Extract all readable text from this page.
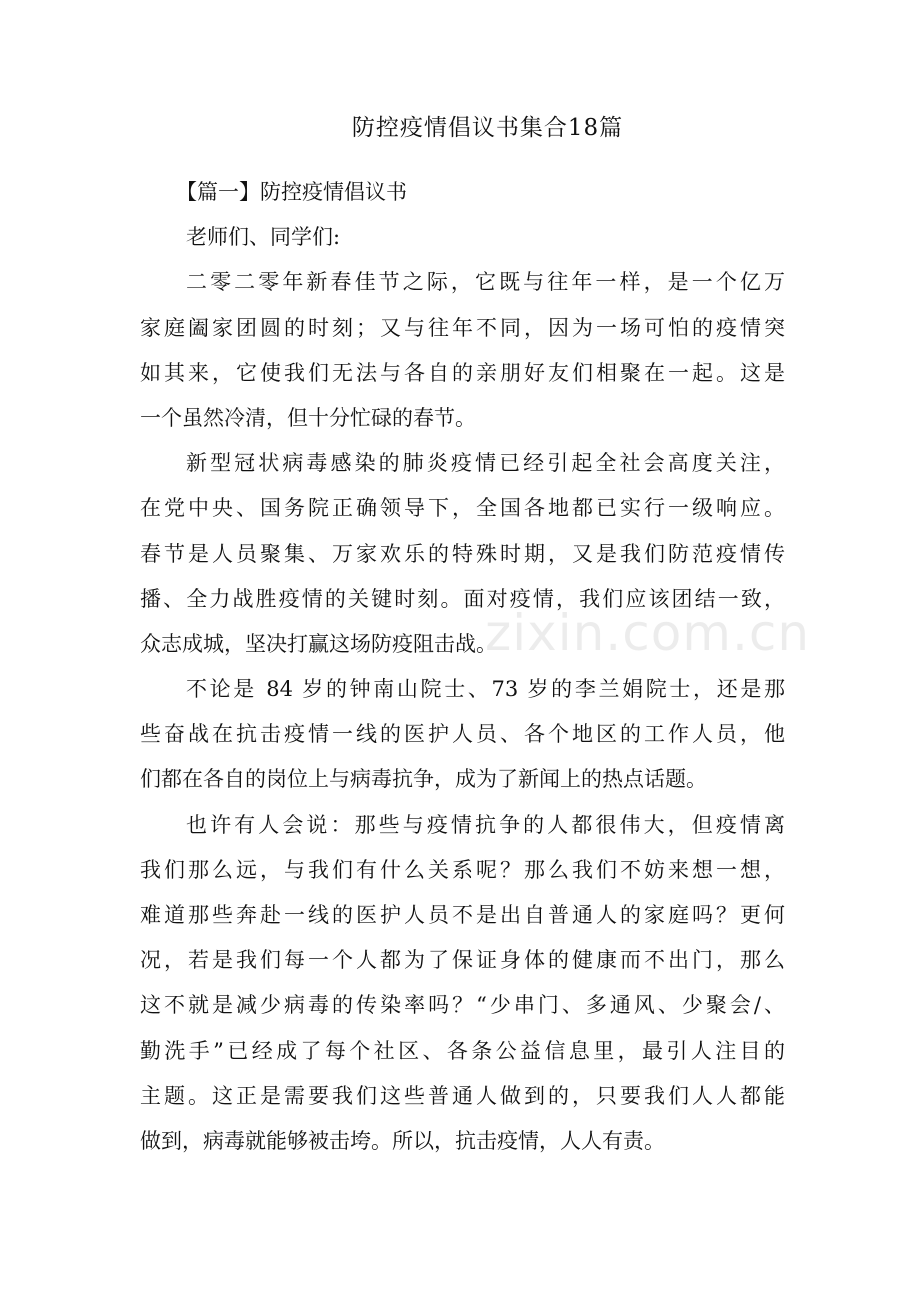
防控疫情倡议书集合18篇
【篇一】防控疫情倡议书
老师们、同学们:
二零二零年新春佳节之际，它既与往年一样，是一个亿万
家庭阖家团圆的时刻；又与往年不同，因为一场可怕的疫情突
如其来，它使我们无法与各自的亲朋好友们相聚在一起。这是
一个虽然冷清，但十分忙碌的春节。
新型冠状病毒感染的肺炎疫情已经引起全社会高度关注，
在党中央、国务院正确领导下，全国各地都已实行一级响应。
春节是人员聚集、万家欢乐的特殊时期，又是我们防范疫情传
播、全力战胜疫情的关键时刻。面对疫情，我们应该团结一致，
众志成城，坚决打赢这场防疫阻击战。
不论是 84 岁的钟南山院士、73 岁的李兰娟院士，还是那
些奋战在抗击疫情一线的医护人员、各个地区的工作人员，他
们都在各自的岗位上与病毒抗争，成为了新闻上的热点话题。
也许有人会说：那些与疫情抗争的人都很伟大，但疫情离
我们那么远，与我们有什么关系呢？那么我们不妨来想一想，
难道那些奔赴一线的医护人员不是出自普通人的家庭吗？更何
况，若是我们每一个人都为了保证身体的健康而不出门，那么
这不就是减少病毒的传染率吗？“少串门、多通风、少聚会/、
勤洗手”已经成了每个社区、各条公益信息里，最引人注目的
主题。这正是需要我们这些普通人做到的，只要我们人人都能
做到，病毒就能够被击垮。所以，抗击疫情，人人有责。
zixin.com.cn
